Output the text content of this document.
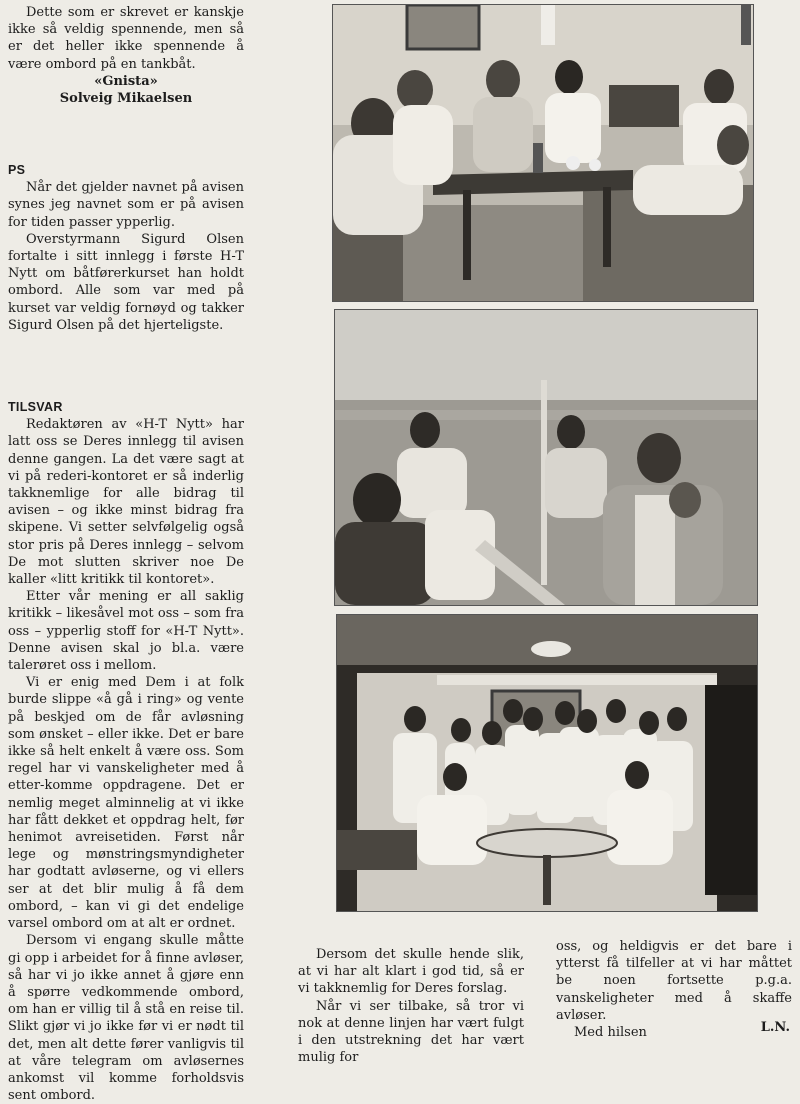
Dette som er skrevet er kanskje ikke så veldig spennende, men så er det heller ikke spennende å være ombord på en tankbåt.

«Gnista»

Solveig Mikaelsen

PS

Når det gjelder navnet på avisen synes jeg navnet som er på avisen for tiden passer ypperlig.

Overstyrmann Sigurd Olsen fortalte i sitt innlegg i første H-T Nytt om båtførerkurset han holdt ombord. Alle som var med på kurset var veldig fornøyd og takker Sigurd Olsen på det hjerteligste.

TILSVAR

Redaktøren av «H-T Nytt» har latt oss se Deres innlegg til avisen denne gangen. La det være sagt at vi på rederi-kontoret er så inderlig takknemlige for alle bidrag til avisen – og ikke minst bidrag fra skipene. Vi setter selvfølgelig også stor pris på Deres innlegg – selvom De mot slutten skriver noe De kaller «litt kritikk til kontoret».

Etter vår mening er all saklig kritikk – likesåvel mot oss – som fra oss – ypperlig stoff for «H-T Nytt». Denne avisen skal jo bl.a. være talerøret oss i mellom.

Vi er enig med Dem i at folk burde slippe «å gå i ring» og vente på beskjed om de får avløsning som ønsket – eller ikke. Det er bare ikke så helt enkelt å være oss. Som regel har vi vanskeligheter med å etter-komme oppdragene. Det er nemlig meget alminnelig at vi ikke har fått dekket et oppdrag helt, før henimot avreisetiden. Først når lege og mønstringsmyndigheter har godtatt avløserne, og vi ellers ser at det blir mulig å få dem ombord, – kan vi gi det endelige varsel ombord om at alt er ordnet.

Dersom vi engang skulle måtte gi opp i arbeidet for å finne avløser, så har vi jo ikke annet å gjøre enn å spørre vedkommende ombord, om han er villig til å stå en reise til. Slikt gjør vi jo ikke før vi er nødt til det, men alt dette fører vanligvis til at våre telegram om avløsernes ankomst vil komme forholdsvis sent ombord.

Dersom det skulle hende slik, at vi har alt klart i god tid, så er vi takknemlig for Deres forslag.

Når vi ser tilbake, så tror vi nok at denne linjen har vært fulgt i den utstrekning det har vært mulig for

oss, og heldigvis er det bare i ytterst få tilfeller at vi har måttet be noen fortsette p.g.a. vanskeligheter med å skaffe avløser.

Med hilsen	L.N.
